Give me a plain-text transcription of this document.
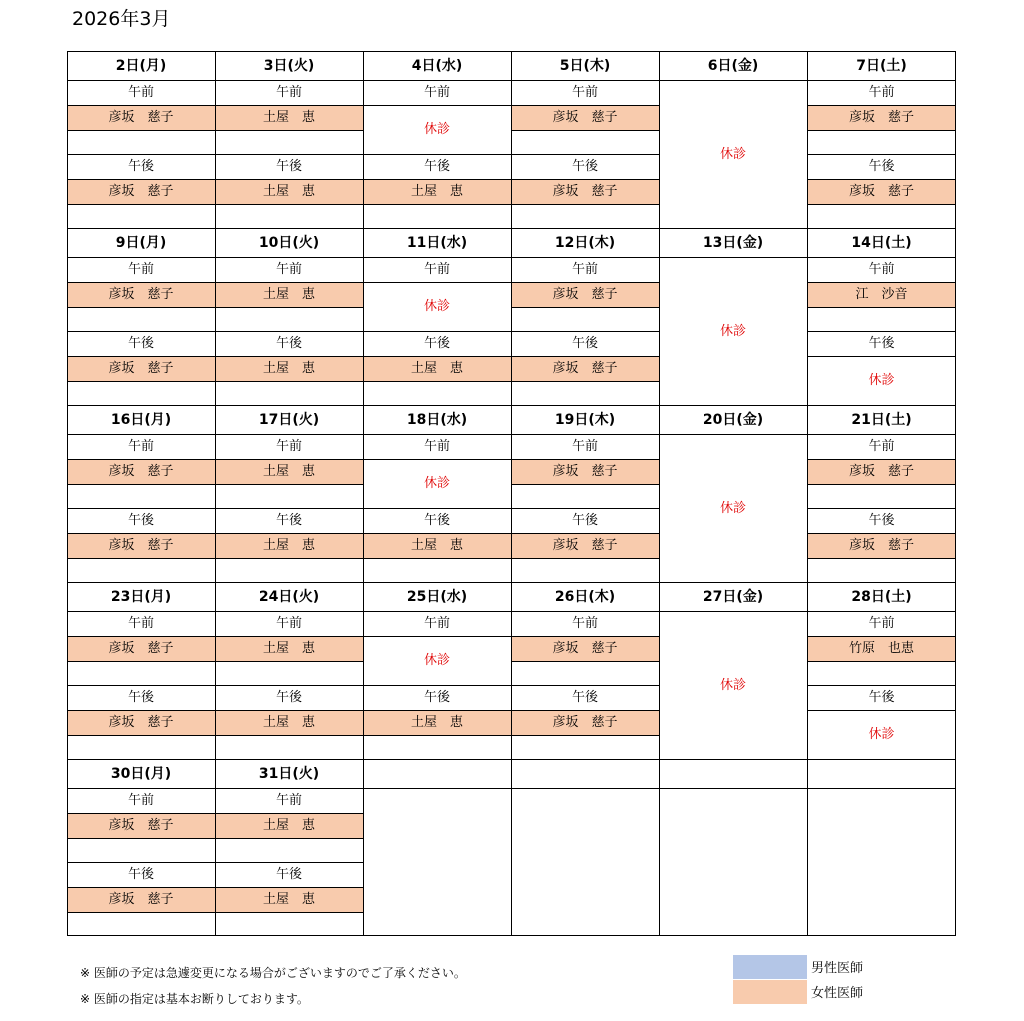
2026年3月
2日(月)
午前
彦坂　慈子
午後
彦坂　慈子
3日(火)
午前
土屋　恵
午後
土屋　恵
4日(水)
午前
休診
午後
土屋　恵
5日(木)
午前
彦坂　慈子
午後
彦坂　慈子
6日(金)
休診
7日(土)
午前
彦坂　慈子
午後
彦坂　慈子
9日(月)
午前
彦坂　慈子
午後
彦坂　慈子
10日(火)
午前
土屋　恵
午後
土屋　恵
11日(水)
午前
休診
午後
土屋　恵
12日(木)
午前
彦坂　慈子
午後
彦坂　慈子
13日(金)
休診
14日(土)
午前
江　沙音
午後
休診
16日(月)
午前
彦坂　慈子
午後
彦坂　慈子
17日(火)
午前
土屋　恵
午後
土屋　恵
18日(水)
午前
休診
午後
土屋　恵
19日(木)
午前
彦坂　慈子
午後
彦坂　慈子
20日(金)
休診
21日(土)
午前
彦坂　慈子
午後
彦坂　慈子
23日(月)
午前
彦坂　慈子
午後
彦坂　慈子
24日(火)
午前
土屋　恵
午後
土屋　恵
25日(水)
午前
休診
午後
土屋　恵
26日(木)
午前
彦坂　慈子
午後
彦坂　慈子
27日(金)
休診
28日(土)
午前
竹原　也恵
午後
休診
30日(月)
午前
彦坂　慈子
午後
彦坂　慈子
31日(火)
午前
土屋　恵
午後
土屋　恵
※ 医師の予定は急遽変更になる場合がございますのでご了承ください。
※ 医師の指定は基本お断りしております。
男性医師
女性医師
